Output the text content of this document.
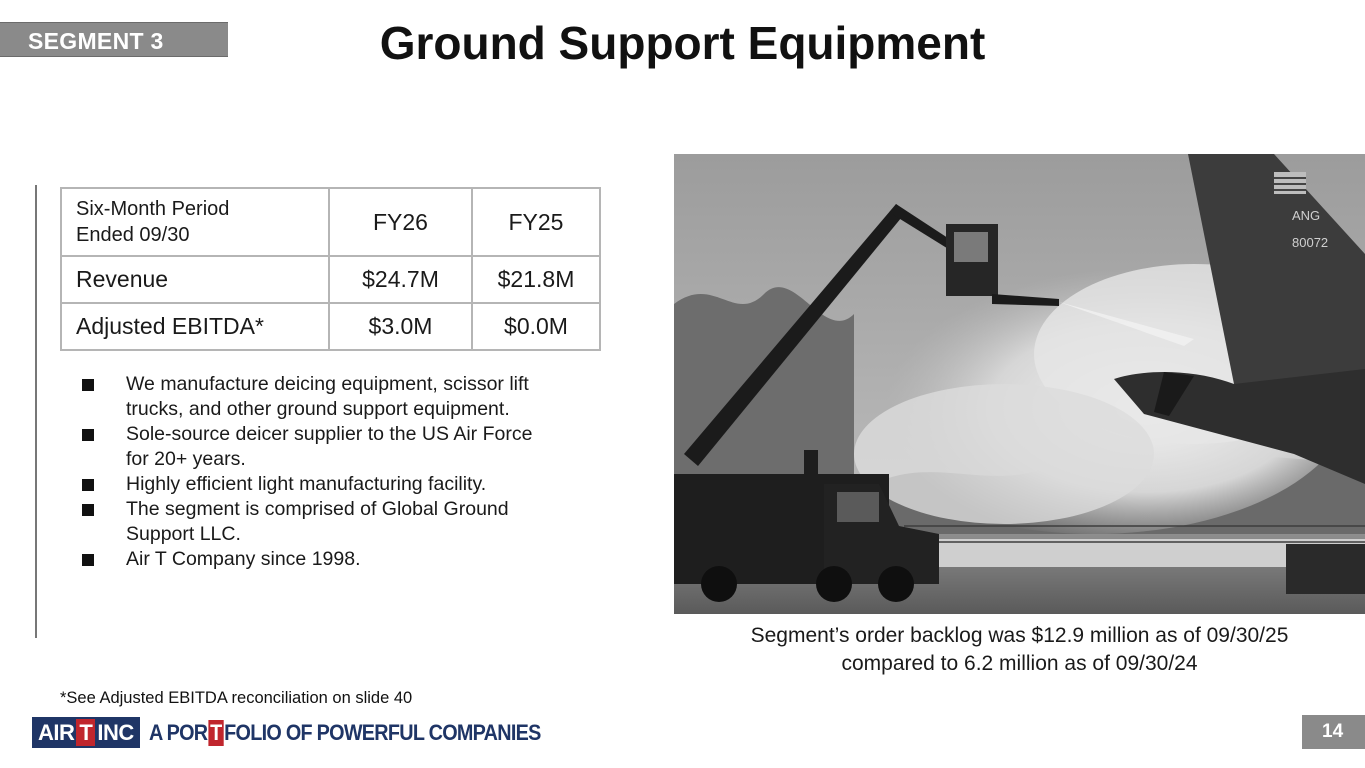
SEGMENT 3	Ground Support Equipment
Six-Month Period
Ended 09/30	FY26	FY25
Revenue	$24.7M	$21.8M
Adjusted EBITDA*	$3.0M	$0.0M
We manufacture deicing equipment, scissor lift
trucks, and other ground support equipment.
Sole-source deicer supplier to the US Air Force
for 20+ years.
Highly efficient light manufacturing facility.
The segment is comprised of Global Ground
Support LLC.
Air T Company since 1998.
ANG
80072
Segment’s order backlog was $12.9 million as of 09/30/25
compared to 6.2 million as of 09/30/24
*See Adjusted EBITDA reconciliation on slide 40
AIR T INC A POR T FOLIO OF POWERFUL COMPANIES	14
